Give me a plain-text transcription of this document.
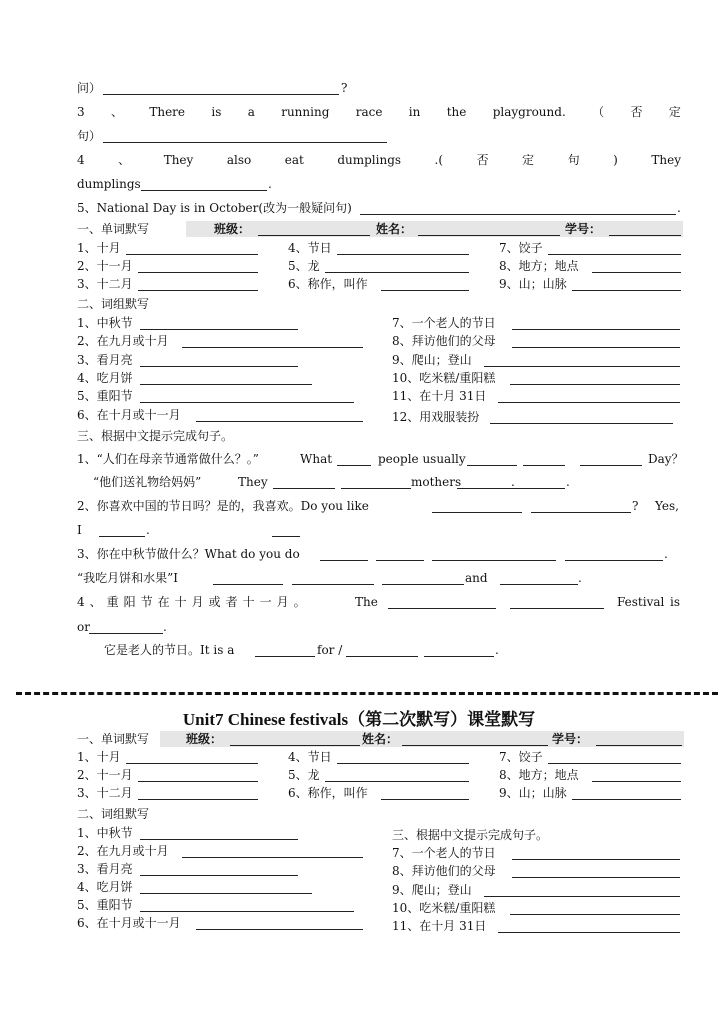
问）	?
3 、 There is a running race in the playground. （ 否 定
句）
4	、	They	also	eat	dumplings	.(	否	定	句	)	They
dumplings	.
5、National Day is in October(改为一般疑问句)	.
一、单词默写	班级：	姓名：	学号：
1、十月	4、节日	7、饺子
2、十一月	5、龙	8、地方；地点
3、十二月	6、称作，叫作	9、山；山脉
二、词组默写
1、中秋节	7、一个老人的节日
2、在九月或十月	8、拜访他们的父母
3、看月亮	9、爬山；登山
4、吃月饼	10、吃米糕/重阳糕
5、重阳节	11、在十月 31日
6、在十月或十一月	12、用戏服装扮
三、根据中文提示完成句子。
1、“人们在母亲节通常做什么？。”	What	people usually	Day？
“他们送礼物给妈妈”	They	mothers	.	.
2、你喜欢中国的节日吗？是的，我喜欢。Do you like	? Yes,
I	.
3、你在中秋节做什么？What do you do	.
“我吃月饼和水果”I	and	.
4、重阳节在十月或者十一月。	The	Festival is
or	.
它是老人的节日。It is a	for /	.
Unit7 Chinese festivals（第二次默写）课堂默写
一、单词默写	班级：	姓名：	学号：
1、十月	4、节日	7、饺子
2、十一月	5、龙	8、地方；地点
3、十二月	6、称作，叫作	9、山；山脉
二、词组默写
1、中秋节	三、根据中文提示完成句子。
2、在九月或十月	7、一个老人的节日
3、看月亮	8、拜访他们的父母
4、吃月饼	9、爬山；登山
5、重阳节	10、吃米糕/重阳糕
6、在十月或十一月	11、在十月 31日
